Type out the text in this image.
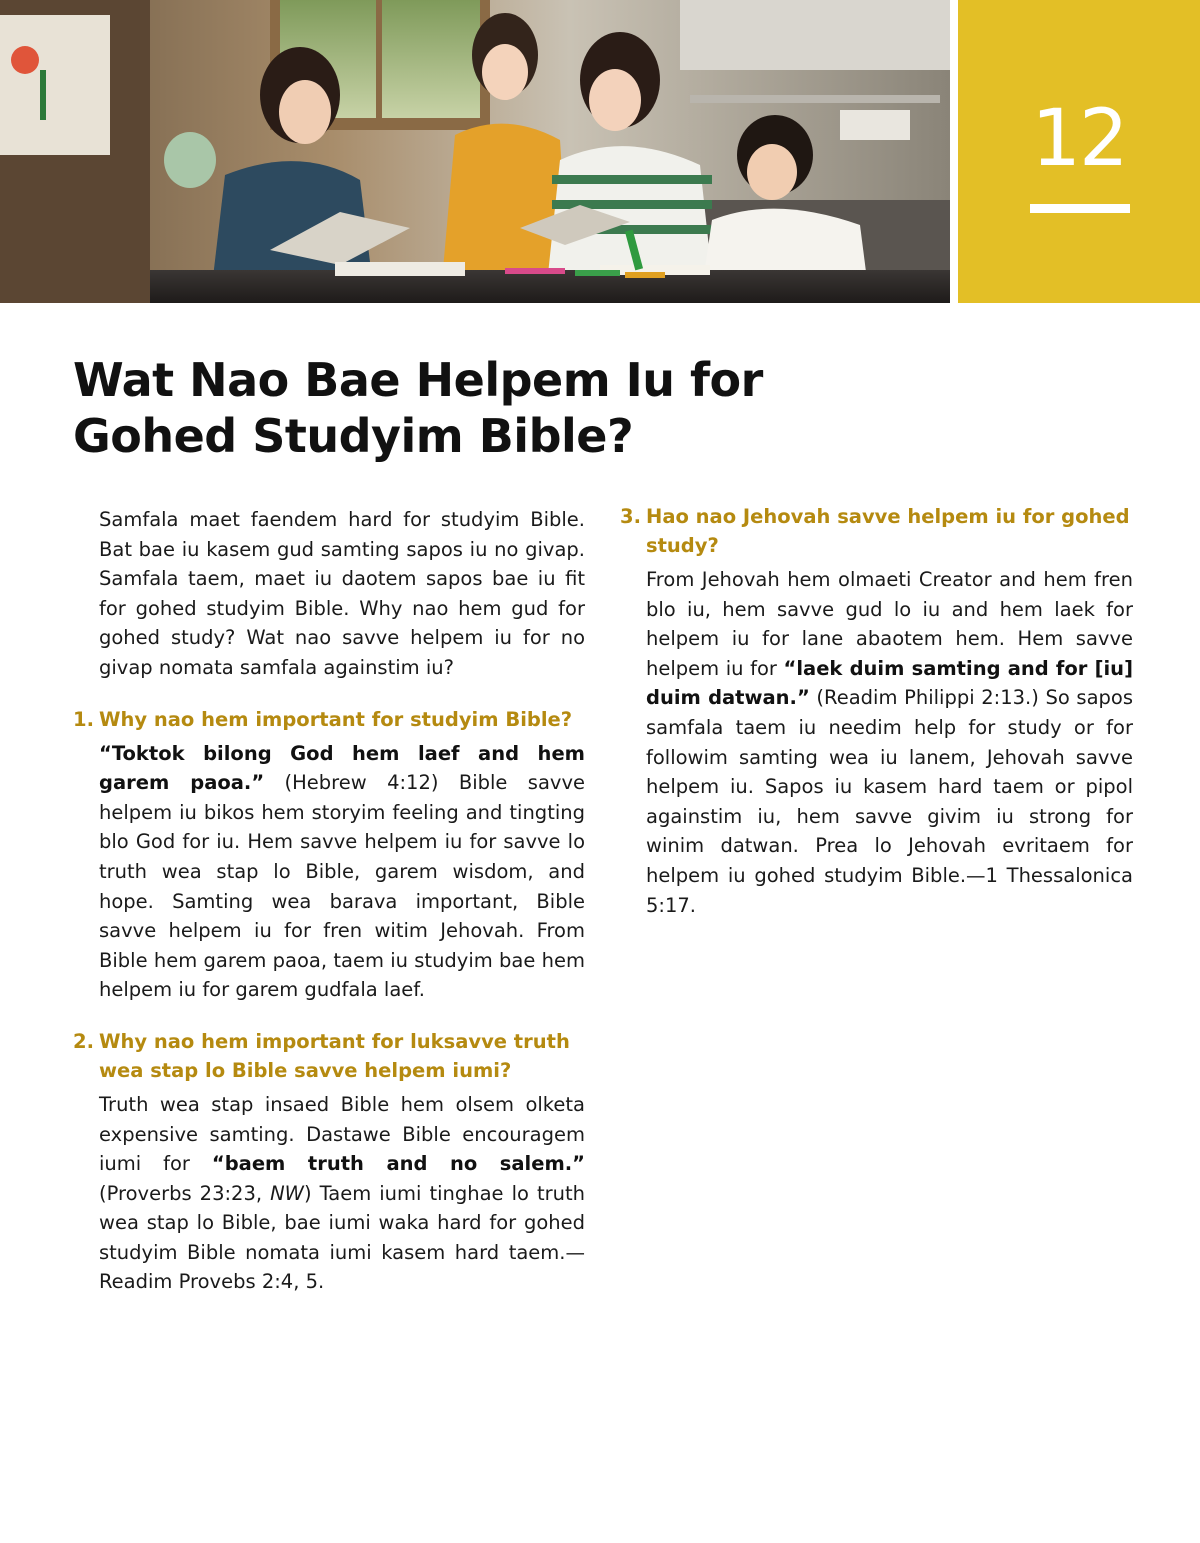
12
Wat Nao Bae Helpem Iu for
Gohed Studyim Bible?

Samfala maet faendem hard for studyim Bible. Bat bae iu kasem gud samting sapos iu no givap. Samfala taem, maet iu daotem sapos bae iu fit for gohed studyim Bible. Why nao hem gud for gohed study? Wat nao savve helpem iu for no givap nomata samfala againstim iu?

1. Why nao hem important for studyim Bible?

“Toktok bilong God hem laef and hem garem paoa.” (Hebrew 4:12) Bible savve helpem iu bikos hem storyim feeling and tingting blo God for iu. Hem savve helpem iu for savve lo truth wea stap lo Bible, garem wisdom, and hope. Samting wea barava important, Bible savve helpem iu for fren witim Jehovah. From Bible hem garem paoa, taem iu studyim bae hem helpem iu for garem gudfala laef.

2. Why nao hem important for luksavve truth wea stap lo Bible savve helpem iumi?

Truth wea stap insaed Bible hem olsem olketa expensive samting. Dastawe Bible encouragem iumi for “baem truth and no salem.” (Proverbs 23:23, NW) Taem iumi tinghae lo truth wea stap lo Bible, bae iumi waka hard for gohed studyim Bible nomata iumi kasem hard taem.—Readim Provebs 2:4, 5.

3. Hao nao Jehovah savve helpem iu for gohed study?

From Jehovah hem olmaeti Creator and hem fren blo iu, hem savve gud lo iu and hem laek for helpem iu for lane abaotem hem. Hem savve helpem iu for “laek duim samting and for [iu] duim datwan.” (Readim Philippi 2:13.) So sapos samfala taem iu needim help for study or for followim samting wea iu lanem, Jehovah savve helpem iu. Sapos iu kasem hard taem or pipol againstim iu, hem savve givim iu strong for winim datwan. Prea lo Jehovah evritaem for helpem iu gohed studyim Bible.—1 Thessalonica 5:17.
